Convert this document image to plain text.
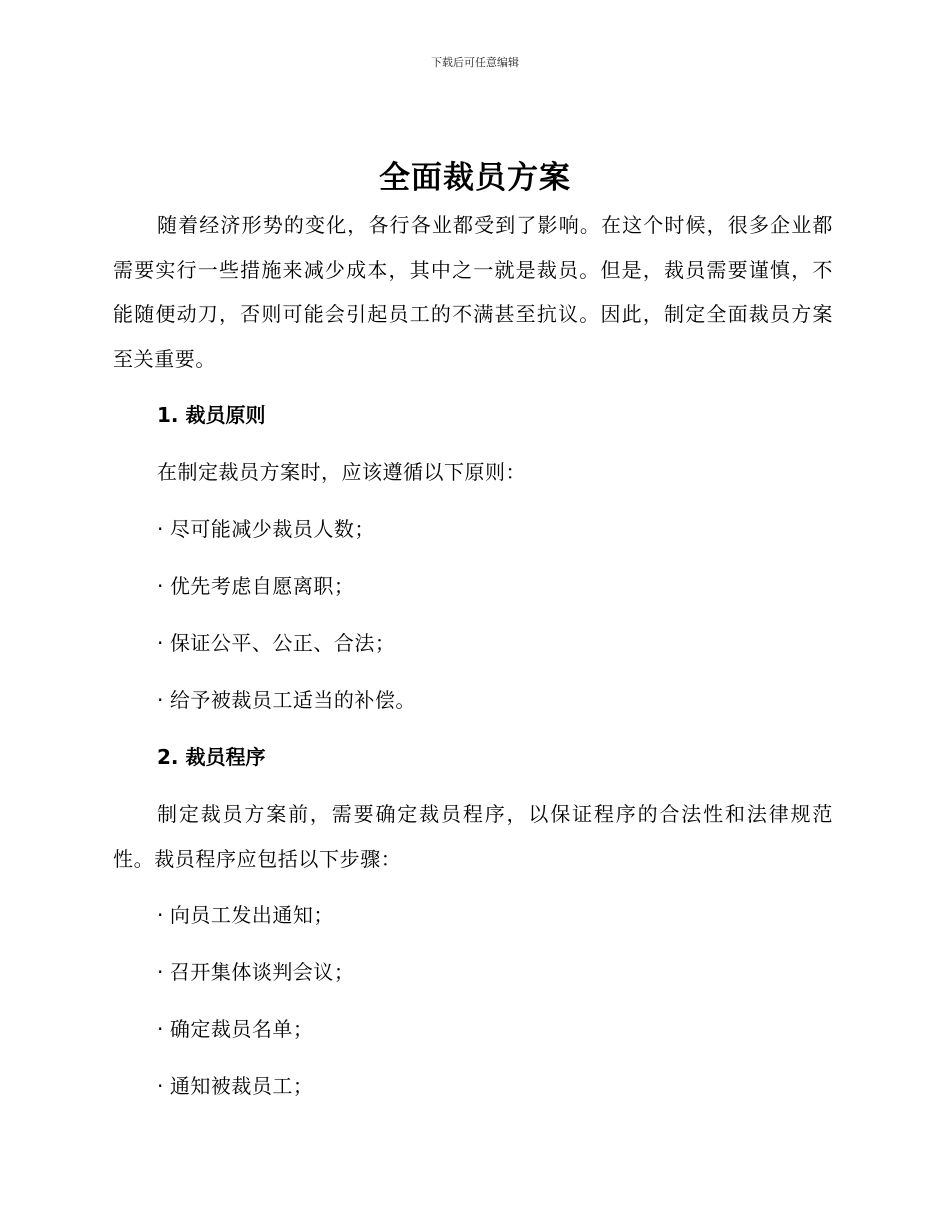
下载后可任意编辑
全面裁员方案

随着经济形势的变化，各行各业都受到了影响。在这个时候，很多企业都需要实行一些措施来减少成本，其中之一就是裁员。但是，裁员需要谨慎，不能随便动刀，否则可能会引起员工的不满甚至抗议。因此，制定全面裁员方案至关重要。

1. 裁员原则
在制定裁员方案时，应该遵循以下原则：
· 尽可能减少裁员人数；
· 优先考虑自愿离职；
· 保证公平、公正、合法；
· 给予被裁员工适当的补偿。
2. 裁员程序

制定裁员方案前，需要确定裁员程序，以保证程序的合法性和法律规范性。裁员程序应包括以下步骤：

· 向员工发出通知；
· 召开集体谈判会议；
· 确定裁员名单；
· 通知被裁员工；
